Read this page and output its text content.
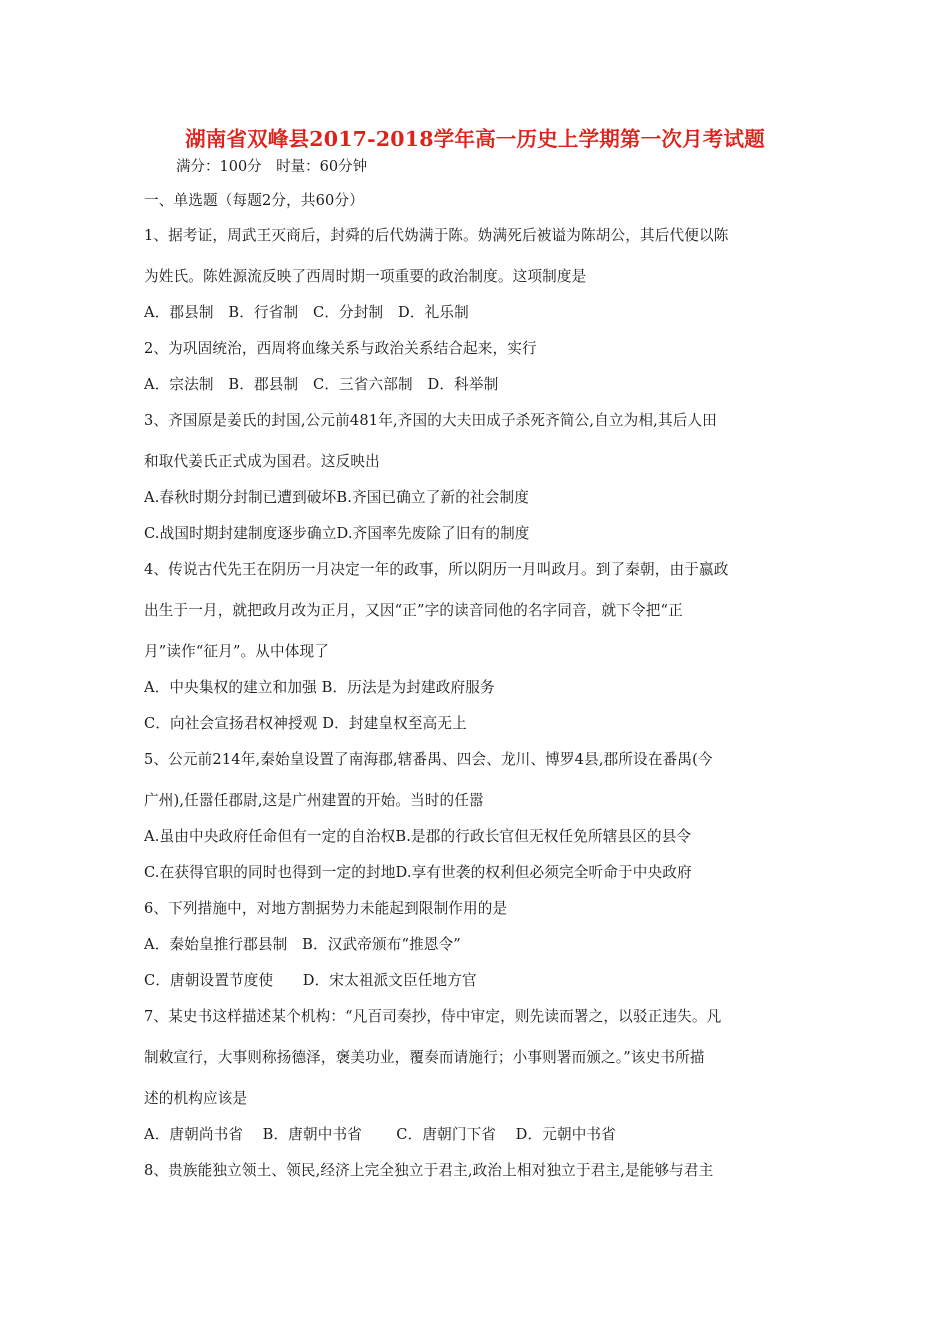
湖南省双峰县2017-2018学年高一历史上学期第一次月考试题
满分：100分　时量：60分钟
一、单选题（每题2分，共60分）
1、据考证，周武王灭商后，封舜的后代妫满于陈。妫满死后被谥为陈胡公，其后代便以陈
为姓氏。陈姓源流反映了西周时期一项重要的政治制度。这项制度是
A．郡县制　B．行省制　C．分封制　D．礼乐制
2、为巩固统治，西周将血缘关系与政治关系结合起来，实行
A．宗法制　B．郡县制　C．三省六部制　D．科举制
3、齐国原是姜氏的封国,公元前481年,齐国的大夫田成子杀死齐简公,自立为相,其后人田
和取代姜氏正式成为国君。这反映出
A.春秋时期分封制已遭到破坏B.齐国已确立了新的社会制度
C.战国时期封建制度逐步确立D.齐国率先废除了旧有的制度
4、传说古代先王在阴历一月决定一年的政事，所以阴历一月叫政月。到了秦朝，由于嬴政
出生于一月，就把政月改为正月，又因“正”字的读音同他的名字同音，就下令把“正
月”读作“征月”。从中体现了
A．中央集权的建立和加强 B．历法是为封建政府服务
C．向社会宣扬君权神授观 D．封建皇权至高无上
5、公元前214年,秦始皇设置了南海郡,辖番禺、四会、龙川、博罗4县,郡所设在番禺(今
广州),任嚣任郡尉,这是广州建置的开始。当时的任嚣
A.虽由中央政府任命但有一定的自治权B.是郡的行政长官但无权任免所辖县区的县令
C.在获得官职的同时也得到一定的封地D.享有世袭的权利但必须完全听命于中央政府
6、下列措施中，对地方割据势力未能起到限制作用的是
A．秦始皇推行郡县制　B．汉武帝颁布“推恩令”
C．唐朝设置节度使　　D．宋太祖派文臣任地方官
7、某史书这样描述某个机构：“凡百司奏抄，侍中审定，则先读而署之，以驳正违失。凡
制敕宣行，大事则称扬德泽，褒美功业，覆奏而请施行；小事则署而颁之。”该史书所描
述的机构应该是
A．唐朝尚书省　 B．唐朝中书省　　 C．唐朝门下省　 D．元朝中书省
8、贵族能独立领土、领民,经济上完全独立于君主,政治上相对独立于君主,是能够与君主
